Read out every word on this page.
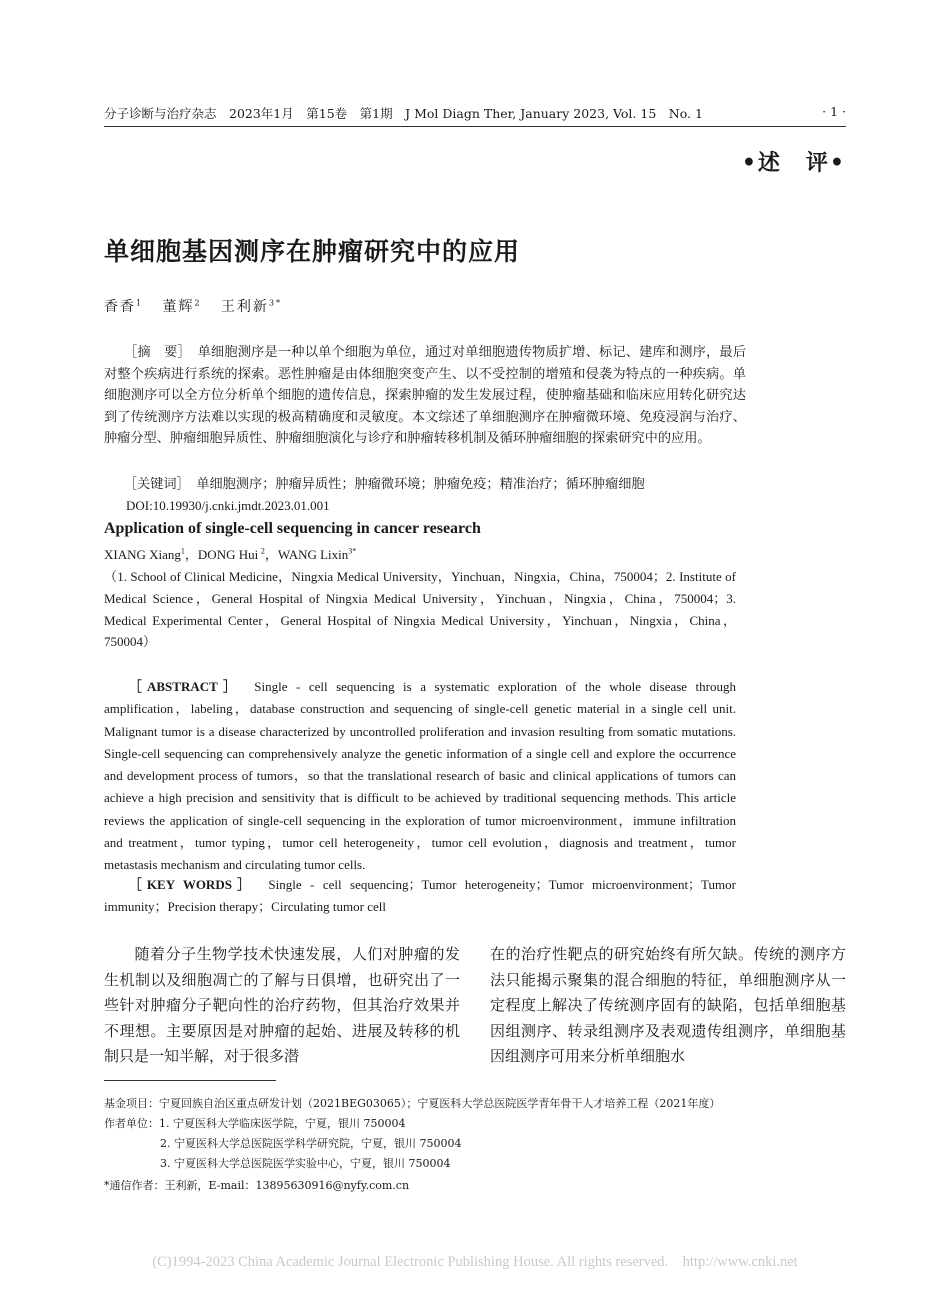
分子诊断与治疗杂志　2023年1月　第15卷　第1期　J Mol Diagn Ther, January 2023, Vol. 15　No. 1	· 1 ·
•述　评•
单细胞基因测序在肿瘤研究中的应用
香香$^1$ 董辉$^2$ 王利新$^{3*}$
  ［摘　要］  单细胞测序是一种以单个细胞为单位，通过对单细胞遗传物质扩增、标记、建库和测序，最后对整个疾病进行系统的探索。恶性肿瘤是由体细胞突变产生、以不受控制的增殖和侵袭为特点的一种疾病。单细胞测序可以全方位分析单个细胞的遗传信息，探索肿瘤的发生发展过程，使肿瘤基础和临床应用转化研究达到了传统测序方法难以实现的极高精确度和灵敏度。本文综述了单细胞测序在肿瘤微环境、免疫浸润与治疗、肿瘤分型、肿瘤细胞异质性、肿瘤细胞演化与诊疗和肿瘤转移机制及循环肿瘤细胞的探索研究中的应用。
  ［关键词］  单细胞测序；肿瘤异质性；肿瘤微环境；肿瘤免疫；精准治疗；循环肿瘤细胞
DOI:10.19930/j.cnki.jmdt.2023.01.001
Application of single-cell sequencing in cancer research
XIANG Xiang$^1$，DONG Hui  $^2$，WANG Lixin$^{3*}$
（1. School of Clinical Medicine，Ningxia Medical University，Yinchuan，Ningxia，China，750004；2. Institute of Medical Science，General Hospital of Ningxia Medical University，Yinchuan，Ningxia，China，750004；3. Medical Experimental Center，General Hospital of Ningxia Medical University，Yinchuan，Ningxia，China，750004）
  ［ABSTRACT］  Single - cell sequencing is a systematic exploration of the whole disease through amplification，labeling，database construction and sequencing of single-cell genetic material in a single cell unit. Malignant tumor is a disease characterized by uncontrolled proliferation and invasion resulting from somatic mutations. Single-cell sequencing can comprehensively analyze the genetic information of a single cell and explore the occurrence and development process of tumors，so that the translational research of basic and clinical applications of tumors can achieve a high precision and sensitivity that is difficult to be achieved by traditional sequencing methods. This article reviews the application of single-cell sequencing in the exploration of tumor microenvironment，immune infiltration and treatment，tumor typing，tumor cell heterogeneity，tumor cell evolution，diagnosis and treatment，tumor metastasis mechanism and circulating tumor cells.
  ［KEY WORDS］  Single - cell sequencing；Tumor heterogeneity；Tumor microenvironment；Tumor immunity；Precision therapy；Circulating tumor cell
  随着分子生物学技术快速发展，人们对肿瘤的发生机制以及细胞凋亡的了解与日俱增，也研究出了一些针对肿瘤分子靶向性的治疗药物，但其治疗效果并不理想。主要原因是对肿瘤的起始、进展及转移的机制只是一知半解，对于很多潜
在的治疗性靶点的研究始终有所欠缺。传统的测序方法只能揭示聚集的混合细胞的特征，单细胞测序从一定程度上解决了传统测序固有的缺陷，包括单细胞基因组测序、转录组测序及表观遗传组测序，单细胞基因组测序可用来分析单细胞水
基金项目：宁夏回族自治区重点研发计划（2021BEG03065）；宁夏医科大学总医院医学青年骨干人才培养工程（2021年度）
作者单位：1. 宁夏医科大学临床医学院，宁夏，银川 750004
2. 宁夏医科大学总医院医学科学研究院，宁夏，银川 750004
3. 宁夏医科大学总医院医学实验中心，宁夏，银川 750004
*通信作者：王利新，E-mail：13895630916@nyfy.com.cn
(C)1994-2023 China Academic Journal Electronic Publishing House. All rights reserved.　http://www.cnki.net
